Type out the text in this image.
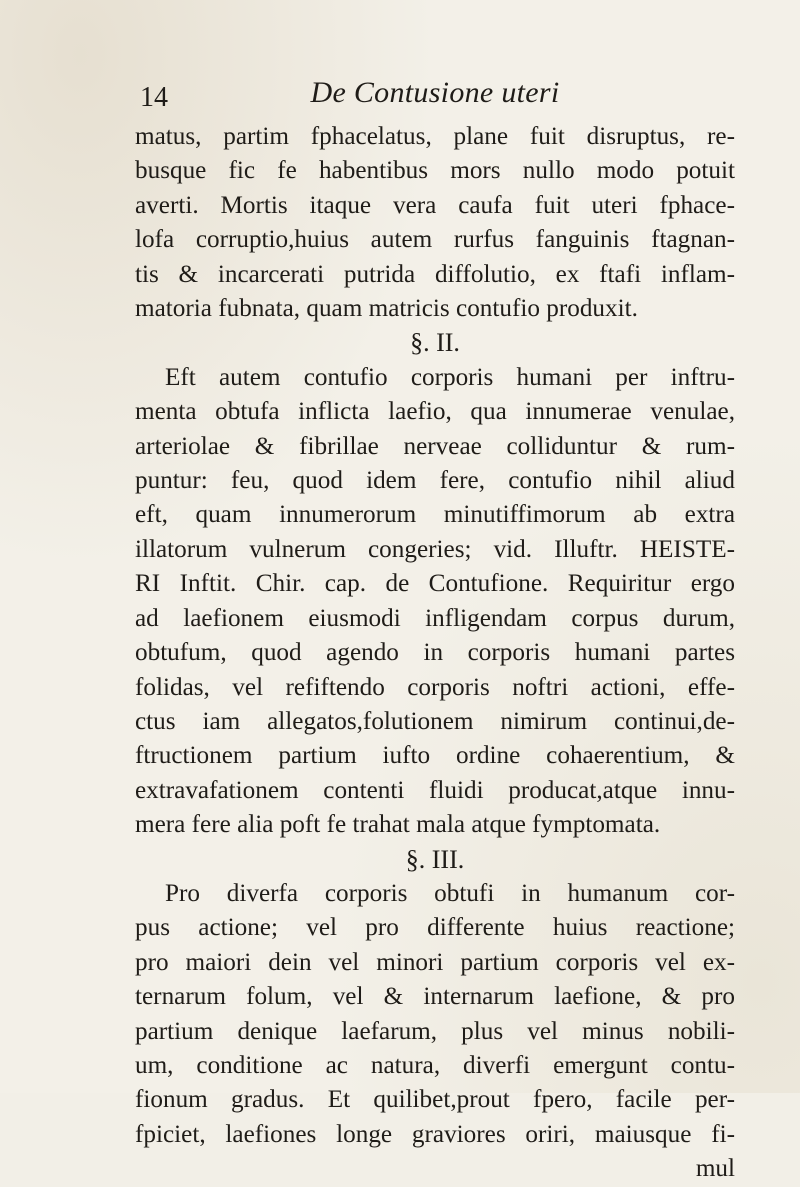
14	De Contusione uteri
matus, partim fphacelatus, plane fuit disruptus, re-
busque fic fe habentibus mors nullo modo potuit
averti. Mortis itaque vera caufa fuit uteri fphace-
lofa corruptio,huius autem rurfus fanguinis ftagnan-
tis & incarcerati putrida diffolutio, ex ftafi inflam-
matoria fubnata, quam matricis contufio produxit.
§. II.
Eft autem contufio corporis humani per inftru-
menta obtufa inflicta laefio, qua innumerae venulae,
arteriolae & fibrillae nerveae colliduntur & rum-
puntur: feu, quod idem fere, contufio nihil aliud
eft, quam innumerorum minutiffimorum ab extra
illatorum vulnerum congeries; vid. Illuftr. HEISTE-
RI Inftit. Chir. cap. de Contufione. Requiritur ergo
ad laefionem eiusmodi infligendam corpus durum,
obtufum, quod agendo in corporis humani partes
folidas, vel refiftendo corporis noftri actioni, effe-
ctus iam allegatos,folutionem nimirum continui,de-
ftructionem partium iufto ordine cohaerentium, &
extravafationem contenti fluidi producat,atque innu-
mera fere alia poft fe trahat mala atque fymptomata.
§. III.
Pro diverfa corporis obtufi in humanum cor-
pus actione; vel pro differente huius reactione;
pro maiori dein vel minori partium corporis vel ex-
ternarum folum, vel & internarum laefione, & pro
partium denique laefarum, plus vel minus nobili-
um, conditione ac natura, diverfi emergunt contu-
fionum gradus. Et quilibet,prout fpero, facile per-
fpiciet, laefiones longe graviores oriri, maiusque fi-
mul
